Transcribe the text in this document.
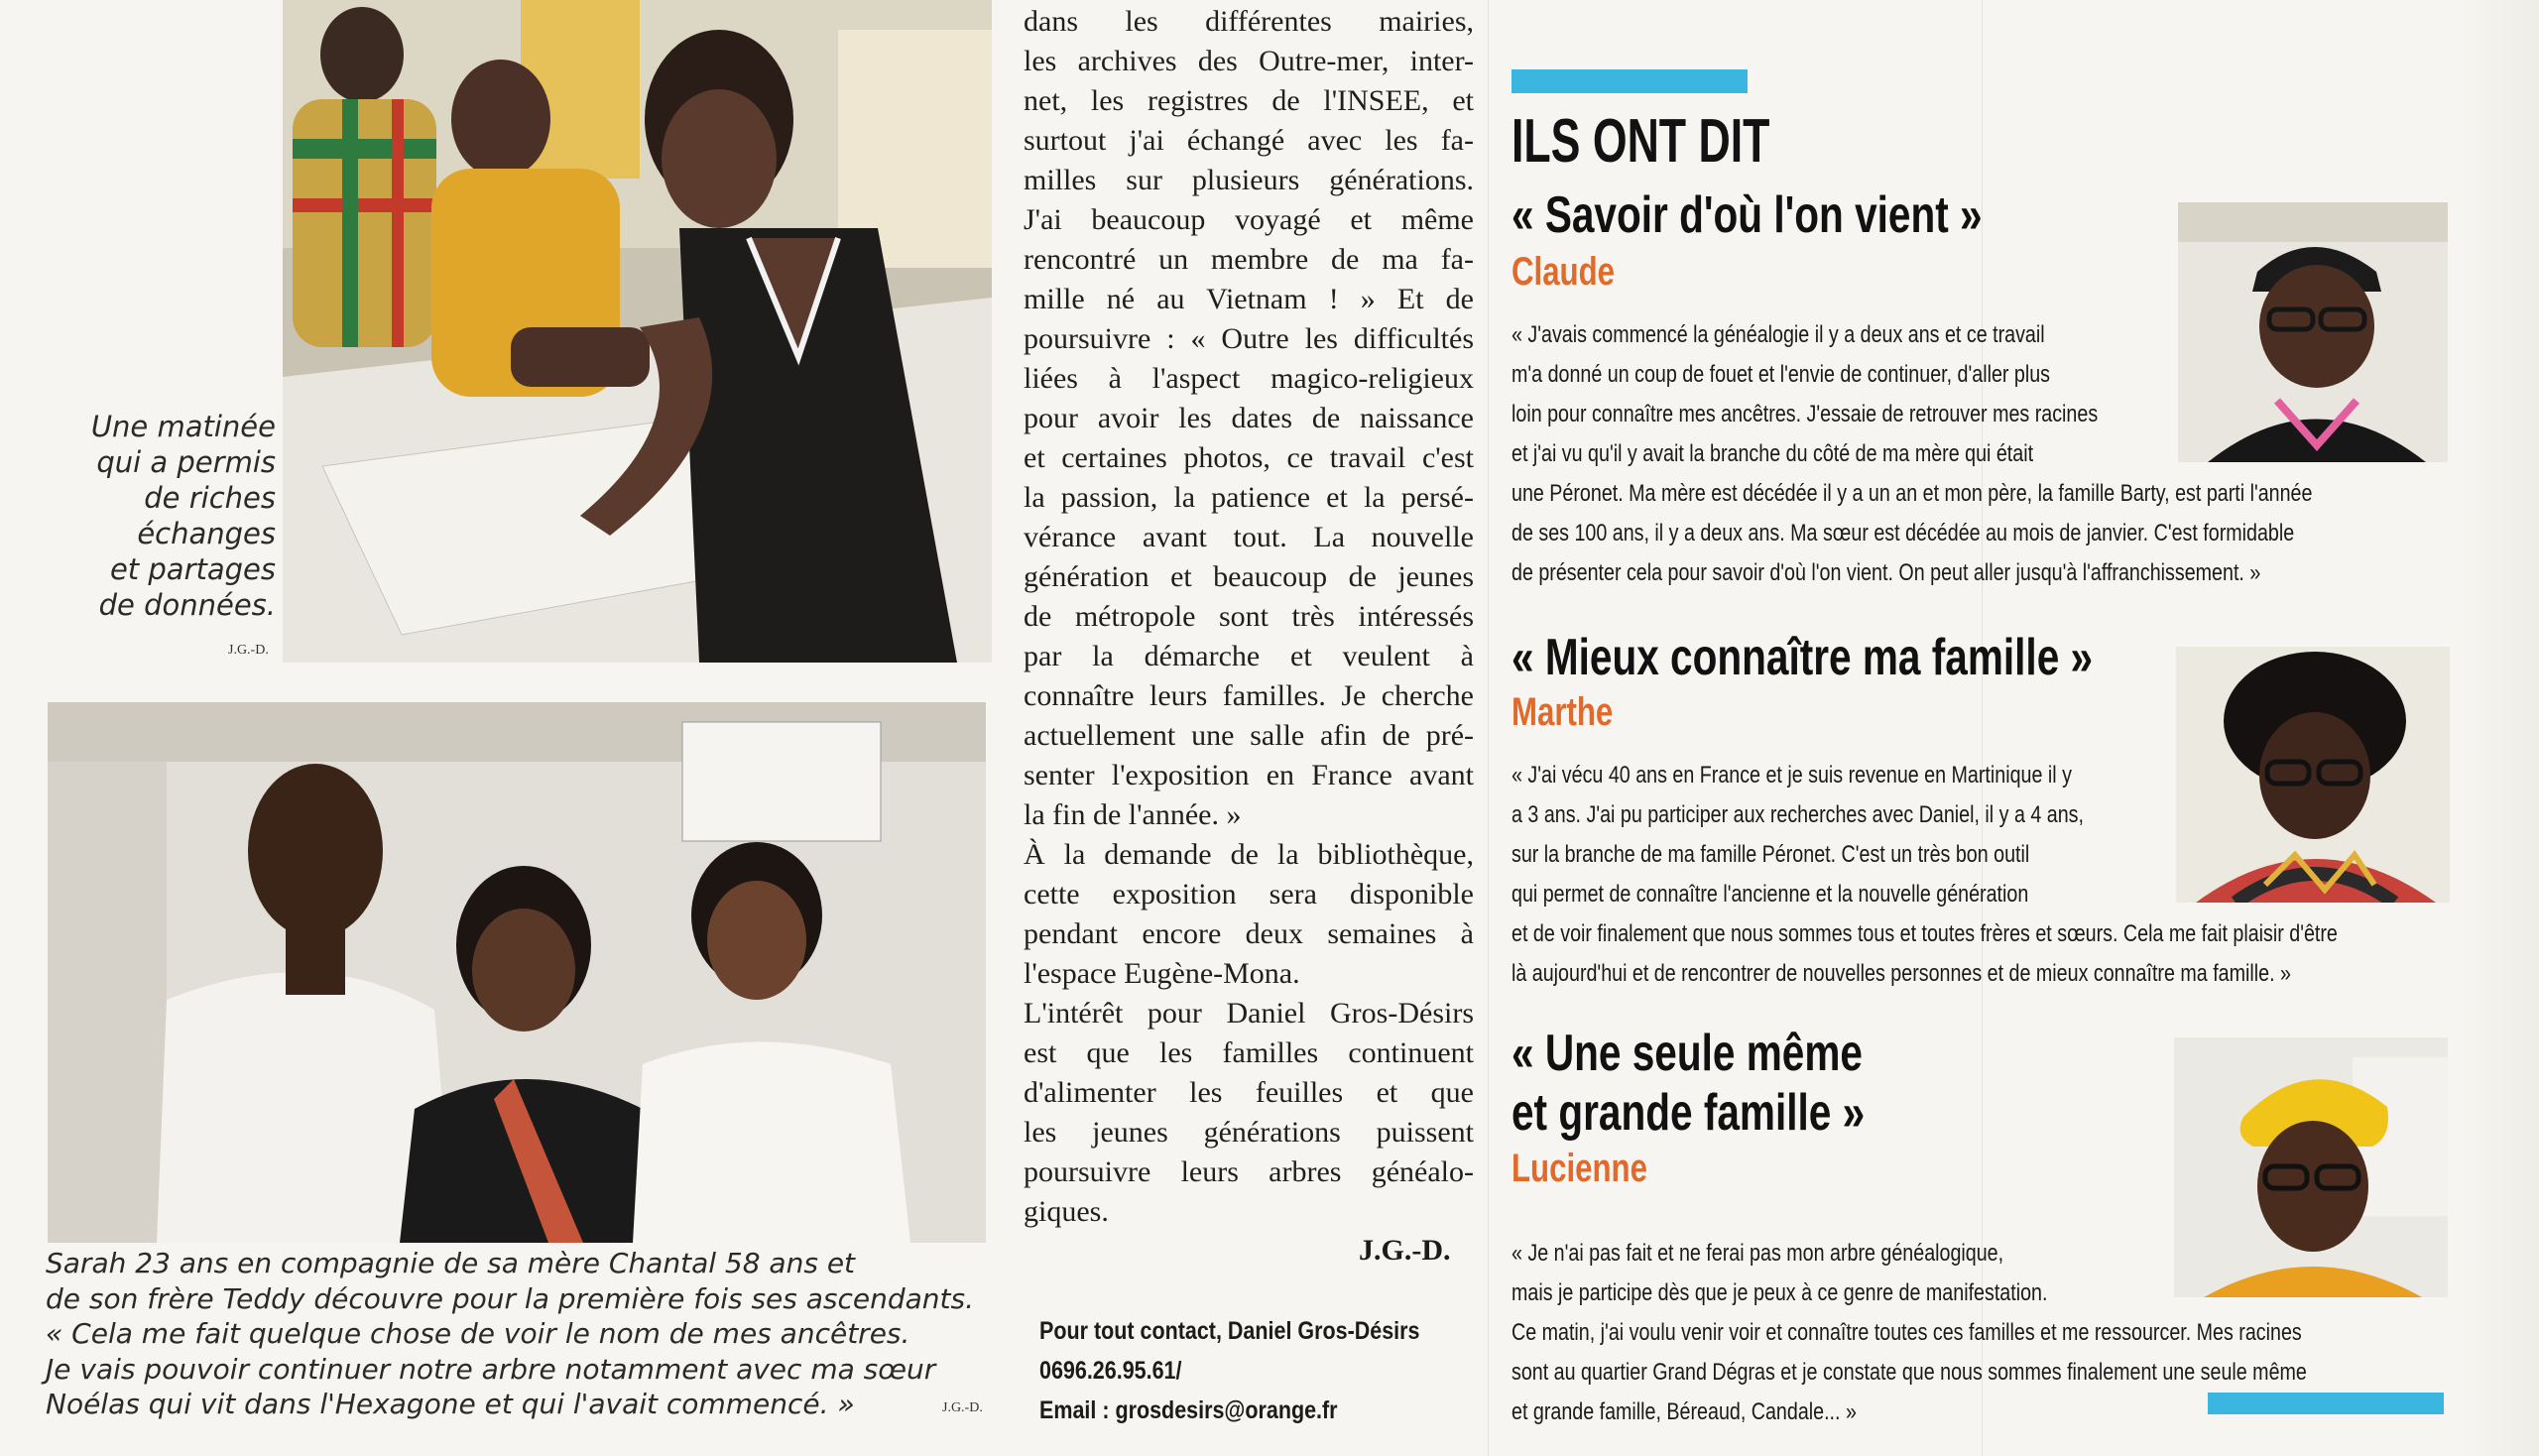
Une matinée
qui a permis
de riches
échanges
et partages
de données.
J.G.-D.
Sarah 23 ans en compagnie de sa mère Chantal 58 ans et
de son frère Teddy découvre pour la première fois ses ascendants.
« Cela me fait quelque chose de voir le nom de mes ancêtres.
Je vais pouvoir continuer notre arbre notamment avec ma sœur
Noélas qui vit dans l'Hexagone et qui l'avait commencé. »	J.G.-D.

dans les différentes mairies,

les archives des Outre-mer, inter-

net, les registres de l'INSEE, et

surtout j'ai échangé avec les fa-

milles sur plusieurs générations.

J'ai beaucoup voyagé et même

rencontré un membre de ma fa-

mille né au Vietnam ! » Et de

poursuivre : « Outre les difficultés

liées à l'aspect magico-religieux

pour avoir les dates de naissance

et certaines photos, ce travail c'est

la passion, la patience et la persé-

vérance avant tout. La nouvelle

génération et beaucoup de jeunes

de métropole sont très intéressés

par la démarche et veulent à

connaître leurs familles. Je cherche

actuellement une salle afin de pré-

senter l'exposition en France avant

la fin de l'année. »

À la demande de la bibliothèque,

cette exposition sera disponible

pendant encore deux semaines à

l'espace Eugène-Mona.

L'intérêt pour Daniel Gros-Désirs

est que les familles continuent

d'alimenter les feuilles et que

les jeunes générations puissent

poursuivre leurs arbres généalo-

giques.

J.G.-D.
Pour tout contact, Daniel Gros-Désirs
0696.26.95.61/
Email : grosdesirs@orange.fr
ILS ONT DIT
« Savoir d'où l'on vient »
Claude

« J'avais commencé la généalogie il y a deux ans et ce travail

m'a donné un coup de fouet et l'envie de continuer, d'aller plus

loin pour connaître mes ancêtres. J'essaie de retrouver mes racines

et j'ai vu qu'il y avait la branche du côté de ma mère qui était

une Péronet. Ma mère est décédée il y a un an et mon père, la famille Barty, est parti l'année

de ses 100 ans, il y a deux ans. Ma sœur est décédée au mois de janvier. C'est formidable

de présenter cela pour savoir d'où l'on vient. On peut aller jusqu'à l'affranchissement. »

« Mieux connaître ma famille »
Marthe

« J'ai vécu 40 ans en France et je suis revenue en Martinique il y

a 3 ans. J'ai pu participer aux recherches avec Daniel, il y a 4 ans,

sur la branche de ma famille Péronet. C'est un très bon outil

qui permet de connaître l'ancienne et la nouvelle génération

et de voir finalement que nous sommes tous et toutes frères et sœurs. Cela me fait plaisir d'être

là aujourd'hui et de rencontrer de nouvelles personnes et de mieux connaître ma famille. »

« Une seule même
et grande famille »
Lucienne

« Je n'ai pas fait et ne ferai pas mon arbre généalogique,

mais je participe dès que je peux à ce genre de manifestation.

Ce matin, j'ai voulu venir voir et connaître toutes ces familles et me ressourcer. Mes racines

sont au quartier Grand Dégras et je constate que nous sommes finalement une seule même

et grande famille, Béreaud, Candale... »
